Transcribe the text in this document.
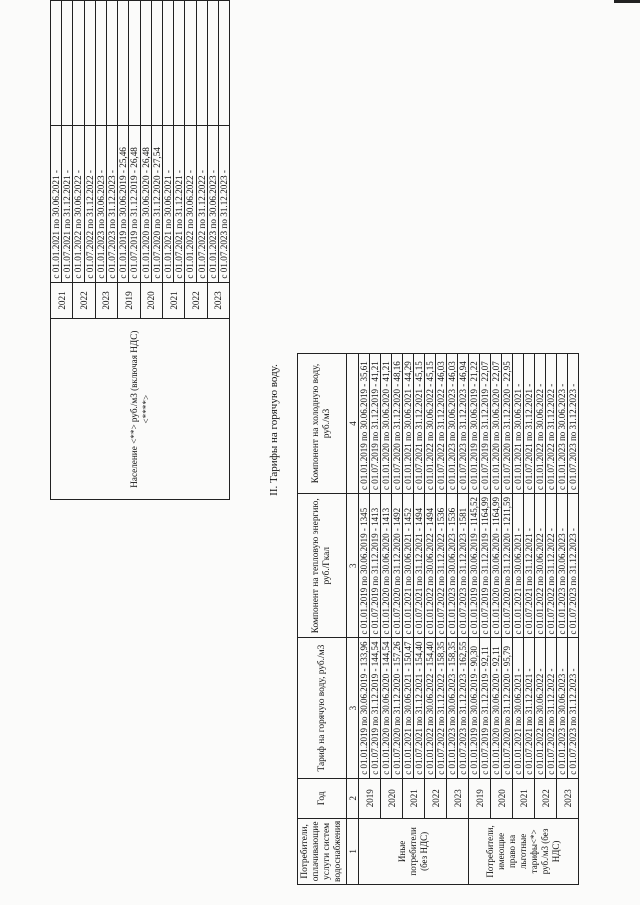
Население <**> руб./м3 (включая НДС) <****>	2021	с 01.01.2021 по 30.06.2021 -	
		с 01.07.2021 по 31.12.2021 -	
	2022	с 01.01.2022 по 30.06.2022 -	
		с 01.07.2022 по 31.12.2022 -	
	2023	с 01.01.2023 по 30.06.2023 -	
		с 01.07.2023 по 31.12.2023 -	
	2019	с 01.01.2019 по 30.06.2019 - 25,46	
		с 01.07.2019 по 31.12.2019 - 26,48	
	2020	с 01.01.2020 по 30.06.2020 - 26,48	
		с 01.07.2020 по 31.12.2020 - 27,54	
	2021	с 01.01.2021 по 30.06.2021 -	
		с 01.07.2021 по 31.12.2021 -	
	2022	с 01.01.2022 по 30.06.2022 -	
		с 01.07.2022 по 31.12.2022 -	
	2023	с 01.01.2023 по 30.06.2023 -	
		с 01.07.2023 по 31.12.2023 -	
II. Тарифы на горячую воду.
Потребители, оплачивающие услуги систем водоснабжения	Год	Тариф на горячую воду, руб./м3	Компонент на тепловую энергию, руб./Гкал	Компонент на холодную воду, руб./м3
1	2	3	3	4
Иные потребители (без НДС)	2019	с 01.01.2019 по 30.06.2019 - 133,96	с 01.01.2019 по 30.06.2019 - 1345	с 01.01.2019 по 30.06.2019 - 35,61
		с 01.07.2019 по 31.12.2019 - 144,54	с 01.07.2019 по 31.12.2019 - 1413	с 01.07.2019 по 31.12.2019 - 41,21
	2020	с 01.01.2020 по 30.06.2020 - 144,54	с 01.01.2020 по 30.06.2020 - 1413	с 01.01.2020 по 30.06.2020 - 41,21
		с 01.07.2020 по 31.12.2020 - 157,26	с 01.07.2020 по 31.12.2020 - 1492	с 01.07.2020 по 31.12.2020 - 48,16
	2021	с 01.01.2021 по 30.06.2021 - 150,47	с 01.01.2021 по 30.06.2021 - 1452	с 01.01.2021 по 30.06.2021 - 44,29
		с 01.07.2021 по 31.12.2021 - 154,40	с 01.07.2021 по 31.12.2021 - 1494	с 01.07.2021 по 31.12.2021 - 45,15
	2022	с 01.01.2022 по 30.06.2022 - 154,40	с 01.01.2022 по 30.06.2022 - 1494	с 01.01.2022 по 30.06.2022 - 45,15
		с 01.07.2022 по 31.12.2022 - 158,35	с 01.07.2022 по 31.12.2022 - 1536	с 01.07.2022 по 31.12.2022 - 46,03
	2023	с 01.01.2023 по 30.06.2023 - 158,35	с 01.01.2023 по 30.06.2023 - 1536	с 01.01.2023 по 30.06.2023 - 46,03
		с 01.07.2023 по 31.12.2023 - 162,55	с 01.07.2023 по 31.12.2023 - 1581	с 01.07.2023 по 31.12.2023 - 46,94
Потребители, имеющие право на льготные тарифы<*> руб./м3 (без НДС)	2019	с 01.01.2019 по 30.06.2019 - 90,30	с 01.01.2019 по 30.06.2019 - 1145,52	с 01.01.2019 по 30.06.2019 - 21,22
		с 01.07.2019 по 31.12.2019 - 92,11	с 01.07.2019 по 31.12.2019 - 1164,99	с 01.07.2019 по 31.12.2019 - 22,07
	2020	с 01.01.2020 по 30.06.2020 - 92,11	с 01.01.2020 по 30.06.2020 - 1164,99	с 01.01.2020 по 30.06.2020 - 22,07
		с 01.07.2020 по 31.12.2020 - 95,79	с 01.07.2020 по 31.12.2020 - 1211,59	с 01.07.2020 по 31.12.2020 - 22,95
	2021	с 01.01.2021 по 30.06.2021 -	с 01.01.2021 по 30.06.2021 -	с 01.01.2021 по 30.06.2021 -
		с 01.07.2021 по 31.12.2021 -	с 01.07.2021 по 31.12.2021 -	с 01.07.2021 по 31.12.2021 -
	2022	с 01.01.2022 по 30.06.2022 -	с 01.01.2022 по 30.06.2022 -	с 01.01.2022 по 30.06.2022 -
		с 01.07.2022 по 31.12.2022 -	с 01.07.2022 по 31.12.2022 -	с 01.07.2022 по 31.12.2022 -
	2023	с 01.01.2023 по 30.06.2023 -	с 01.01.2023 по 30.06.2023 -	с 01.01.2023 по 30.06.2023 -
		с 01.07.2023 по 31.12.2023 -	с 01.07.2023 по 31.12.2023 -	с 01.07.2023 по 31.12.2023 -
